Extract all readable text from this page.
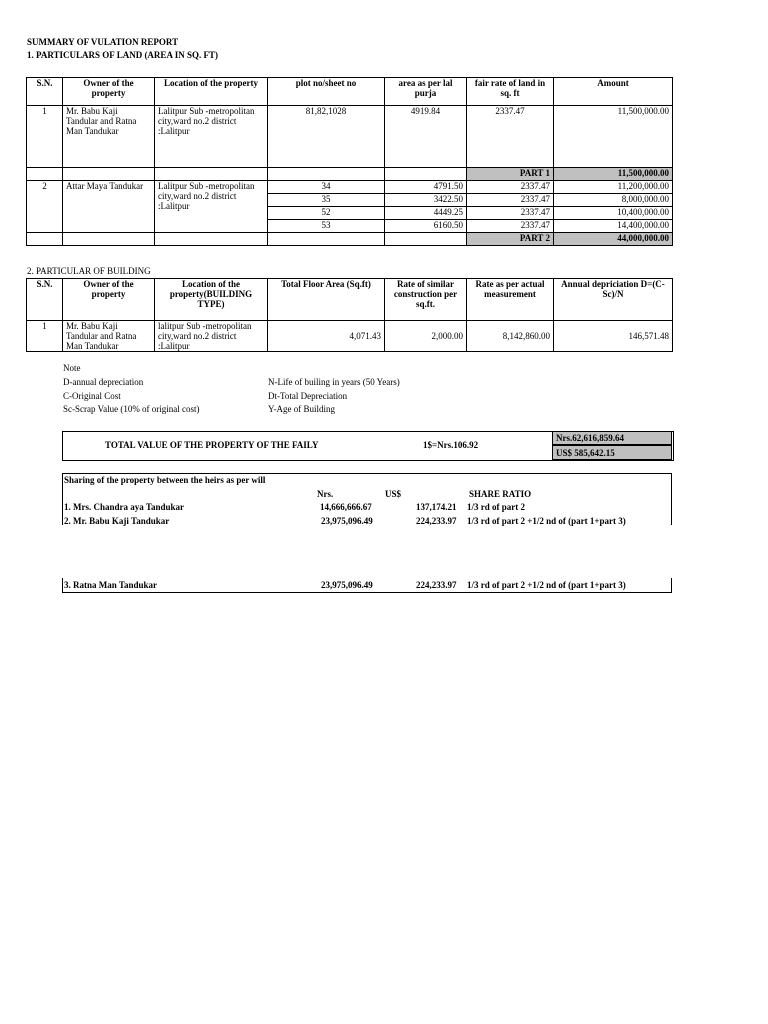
SUMMARY OF VULATION REPORT
1. PARTICULARS OF LAND (AREA IN SQ. FT)
S.N.	Owner of the property	Location of the property	plot no/sheet no	area as per lal purja	fair rate of land in sq. ft	Amount
1	Mr. Babu Kaji Tandular and Ratna Man Tandukar	Lalitpur Sub -metropolitan city,ward no.2 district :Lalitpur	81,82,1028	4919.84	2337.47	11,500,000.00
					PART 1	11,500,000.00
2	Attar Maya Tandukar	Lalitpur Sub -metropolitan city,ward no.2 district :Lalitpur	34	4791.50	2337.47	11,200,000.00
			35	3422.50	2337.47	8,000,000.00
			52	4449.25	2337.47	10,400,000.00
			53	6160.50	2337.47	14,400,000.00
					PART 2	44,000,000.00
2. PARTICULAR OF BUILDING
S.N.	Owner of the property	Location of the property(BUILDING TYPE)	Total Floor Area (Sq.ft)	Rate of similar construction per sq.ft.	Rate as per actual measurement	Annual depriciation D=(C-Sc)/N
1	Mr. Babu Kaji Tandular and Ratna Man Tandukar	lalitpur Sub -metropolitan city,ward no.2 district :Lalitpur	4,071.43	2,000.00	8,142,860.00	146,571.48
Note
D-annual depreciation
C-Original Cost
Sc-Scrap Value (10% of original cost)
N-Life of builing in years (50 Years)
Dt-Total Depreciation
Y-Age of Building
TOTAL VALUE OF THE PROPERTY OF THE FAILY	1$=Nrs.106.92
Nrs.62,616,859.64
US$ 585,642.15
Sharing of the property between the heirs as per will
Nrs.	US$	SHARE RATIO
1. Mrs. Chandra aya Tandukar	14,666,666.67	137,174.21 1/3 rd of part 2
2. Mr. Babu Kaji Tandukar	23,975,096.49	224,233.97 1/3 rd of part 2 +1/2 nd of (part 1+part 3)
3. Ratna Man Tandukar	23,975,096.49	224,233.97 1/3 rd of part 2 +1/2 nd of (part 1+part 3)
